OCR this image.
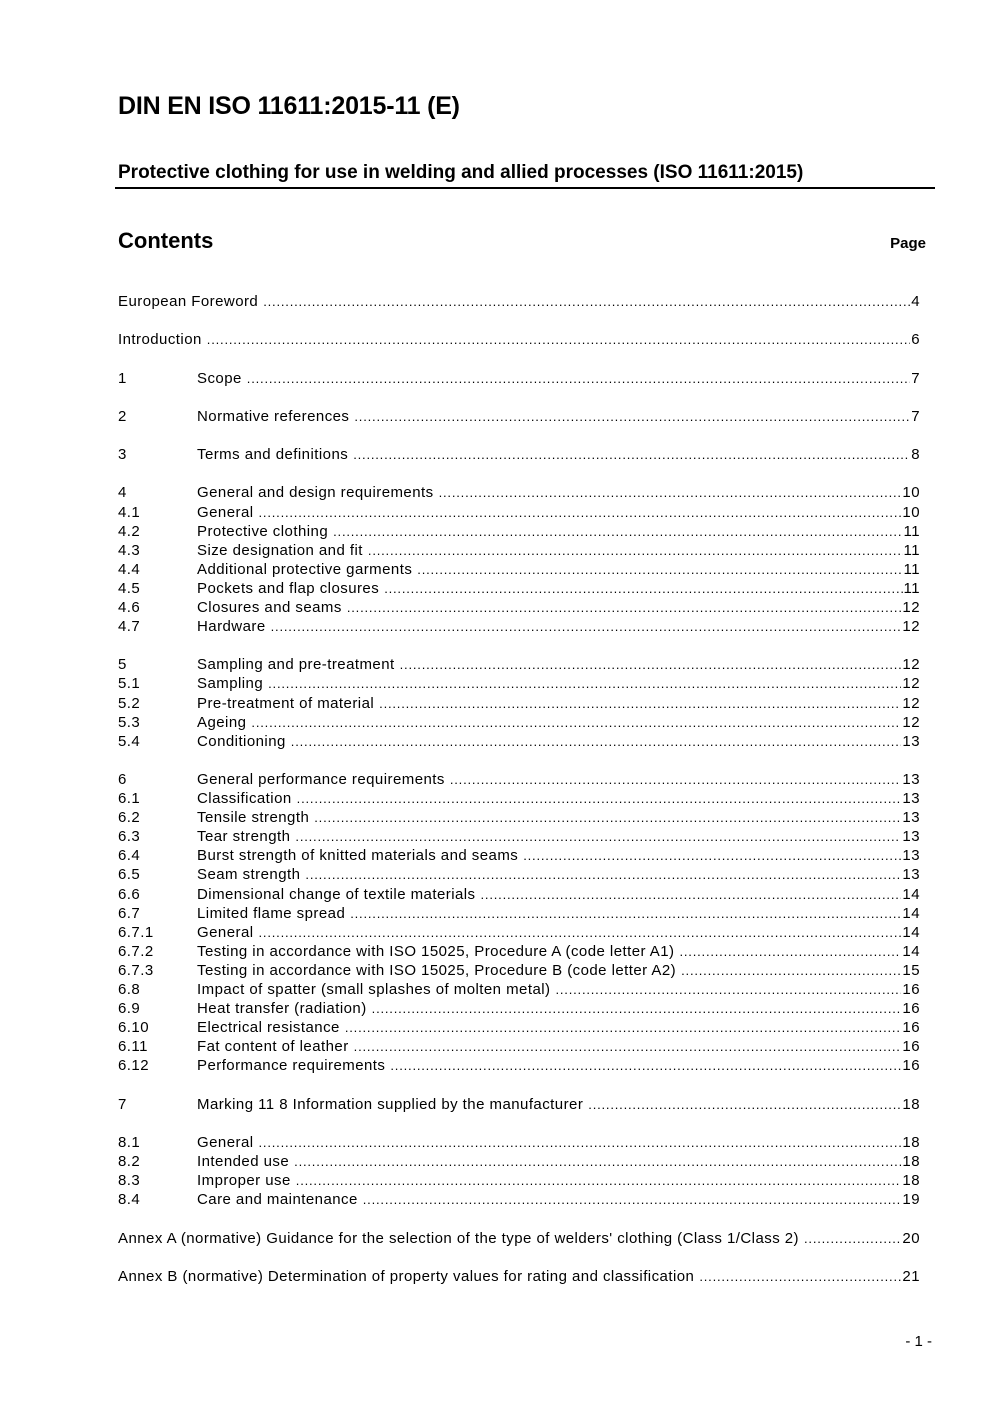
DIN EN ISO 11611:2015-11 (E)
Protective clothing for use in welding and allied processes (ISO 11611:2015)
Contents	Page
European Foreword .....	4
Introduction .....	6
1	Scope .....	7
2	Normative references .....	7
3	Terms and definitions .....	8
4	General and design requirements .....	10
4.1	General .....	10
4.2	Protective clothing .....	11
4.3	Size designation and fit .....	11
4.4	Additional protective garments .....	11
4.5	Pockets and flap closures .....	11
4.6	Closures and seams .....	12
4.7	Hardware .....	12
5	Sampling and pre-treatment .....	12
5.1	Sampling .....	12
5.2	Pre-treatment of material .....	12
5.3	Ageing .....	12
5.4	Conditioning .....	13
6	General performance requirements .....	13
6.1	Classification .....	13
6.2	Tensile strength .....	13
6.3	Tear strength .....	13
6.4	Burst strength of knitted materials and seams .....	13
6.5	Seam strength .....	13
6.6	Dimensional change of textile materials .....	14
6.7	Limited flame spread .....	14
6.7.1	General .....	14
6.7.2	Testing in accordance with ISO 15025, Procedure A (code letter A1) .....	14
6.7.3	Testing in accordance with ISO 15025, Procedure B (code letter A2) .....	15
6.8	Impact of spatter (small splashes of molten metal) .....	16
6.9	Heat transfer (radiation) .....	16
6.10	Electrical resistance .....	16
6.11	Fat content of leather .....	16
6.12	Performance requirements .....	16
7	Marking 11 8 Information supplied by the manufacturer .....	18
8.1	General .....	18
8.2	Intended use .....	18
8.3	Improper use .....	18
8.4	Care and maintenance .....	19
Annex A (normative) Guidance for the selection of the type of welders' clothing (Class 1/Class 2) .....	20
Annex B (normative) Determination of property values for rating and classification .....	21
- 1 -
